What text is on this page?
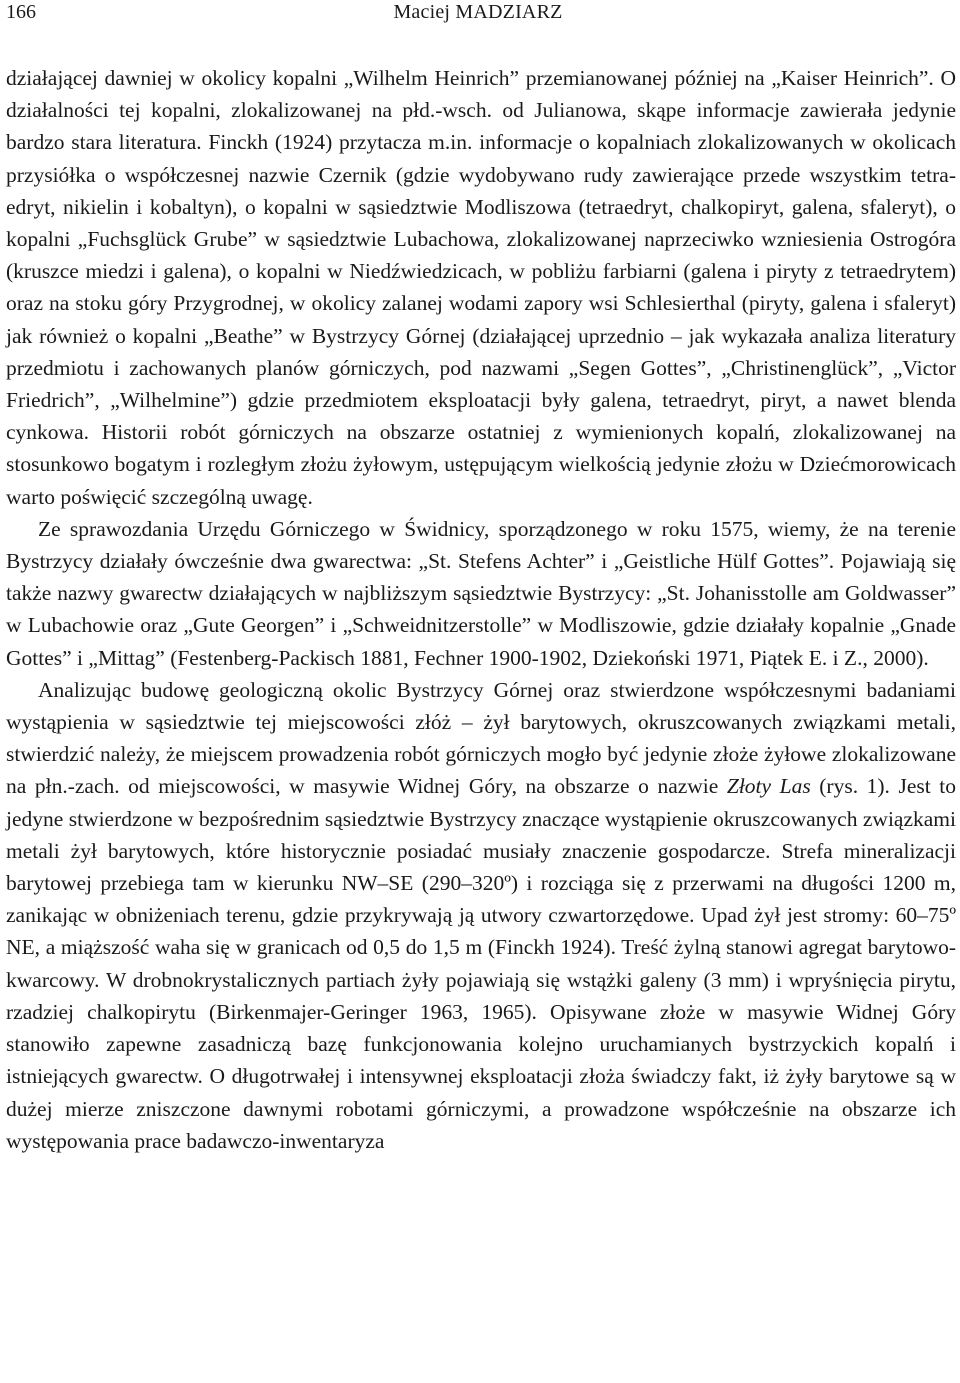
166	Maciej MADZIARZ

działającej dawniej w okolicy kopalni „Wilhelm Heinrich” przemianowanej później na „Kaiser Heinrich”. O działalności tej kopalni, zlokalizowanej na płd.-wsch. od Julianowa, skąpe informacje zawierała jedynie bardzo stara literatura. Finckh (1924) przytacza m.in. informacje o kopalniach zlokalizowanych w okolicach przysiółka o współczesnej nazwie Czernik (gdzie wydobywano rudy zawierające przede wszystkim tetraedryt, nikielin i kobaltyn), o kopalni w sąsiedztwie Modliszowa (tetraedryt, chalkopiryt, galena, sfaleryt), o kopalni „Fuchsglück Grube” w sąsiedztwie Lubachowa, zlokalizowanej naprzeciwko wzniesienia Ostrogóra (kruszce miedzi i galena), o kopalni w Niedźwiedzicach, w pobliżu farbiarni (galena i piryty z tetraedrytem) oraz na stoku góry Przygrodnej, w okolicy zalanej wodami zapory wsi Schlesierthal (piryty, galena i sfaleryt) jak również o kopalni „Beathe” w Bystrzycy Górnej (działającej uprzednio – jak wykazała analiza literatury przedmiotu i zachowanych planów górniczych, pod nazwami „Segen Gottes”, „Christinenglück”, „Victor Friedrich”, „Wilhelmine”) gdzie przedmiotem eksploatacji były galena, tetraedryt, piryt, a nawet blenda cynkowa. Historii robót górniczych na obszarze ostatniej z wymienionych kopalń, zlokalizowanej na stosunkowo bogatym i rozległym złożu żyłowym, ustępującym wielkością jedynie złożu w Dziećmorowicach warto poświęcić szczególną uwagę.

Ze sprawozdania Urzędu Górniczego w Świdnicy, sporządzonego w roku 1575, wiemy, że na terenie Bystrzycy działały ówcześnie dwa gwarectwa: „St. Stefens Achter” i „Geistliche Hülf Gottes”. Pojawiają się także nazwy gwarectw działających w najbliższym sąsiedztwie Bystrzycy: „St. Johanisstolle am Goldwasser” w Lubachowie oraz „Gute Georgen” i „Schweidnitzerstolle” w Modliszowie, gdzie działały kopalnie „Gnade Gottes” i „Mittag” (Festenberg-Packisch 1881, Fechner 1900-1902, Dziekoński 1971, Piątek E. i Z., 2000).

Analizując budowę geologiczną okolic Bystrzycy Górnej oraz stwierdzone współczesnymi badaniami wystąpienia w sąsiedztwie tej miejscowości złóż – żył barytowych, okruszcowanych związkami metali, stwierdzić należy, że miejscem prowadzenia robót górniczych mogło być jedynie złoże żyłowe zlokalizowane na płn.-zach. od miejscowości, w masywie Widnej Góry, na obszarze o nazwie Złoty Las (rys. 1). Jest to jedyne stwierdzone w bezpośrednim sąsiedztwie Bystrzycy znaczące wystąpienie okruszcowanych związkami metali żył barytowych, które historycznie posiadać musiały znaczenie gospodarcze. Strefa mineralizacji barytowej przebiega tam w kierunku NW–SE (290–320º) i rozciąga się z przerwami na długości 1200 m, zanikając w obniżeniach terenu, gdzie przykrywają ją utwory czwartorzędowe. Upad żył jest stromy: 60–75º NE, a miąższość waha się w granicach od 0,5 do 1,5 m (Finckh 1924). Treść żylną stanowi agregat barytowo-kwarcowy. W drobnokrystalicznych partiach żyły pojawiają się wstążki galeny (3 mm) i wpryśnięcia pirytu, rzadziej chalkopirytu (Birkenmajer-Geringer 1963, 1965). Opisywane złoże w masywie Widnej Góry stanowiło zapewne zasadniczą bazę funkcjonowania kolejno uruchamianych bystrzyckich kopalń i istniejących gwarectw. O długotrwałej i intensywnej eksploatacji złoża świadczy fakt, iż żyły barytowe są w dużej mierze zniszczone dawnymi robotami górniczymi, a prowadzone współcześnie na obszarze ich występowania prace badawczo-inwentaryza
